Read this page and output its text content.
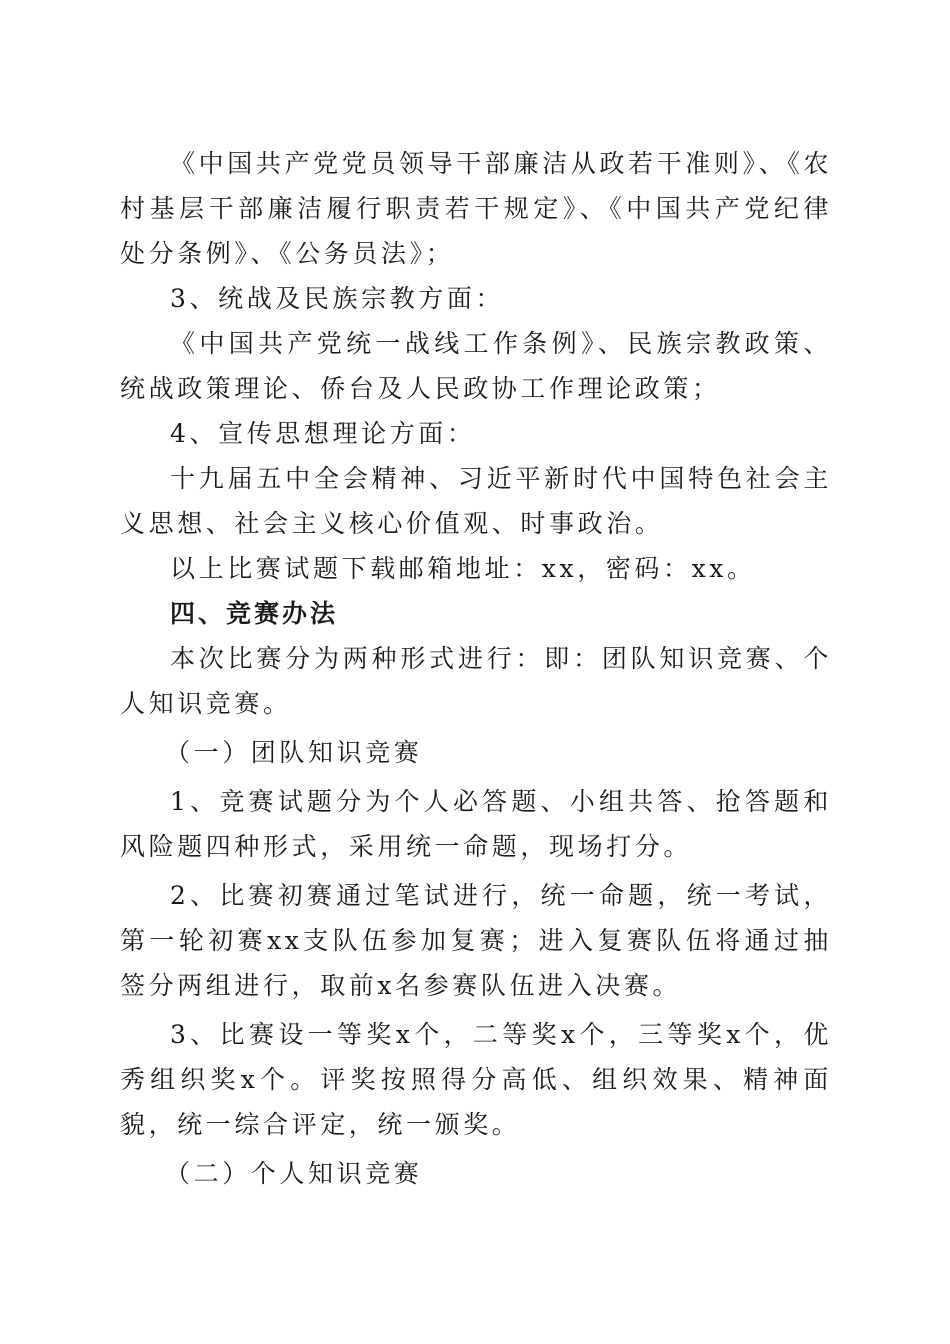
《中国共产党党员领导干部廉洁从政若干准则》、《农村基层干部廉洁履行职责若干规定》、《中国共产党纪律处分条例》、《公务员法》；

3、统战及民族宗教方面：

《中国共产党统一战线工作条例》、民族宗教政策、统战政策理论、侨台及人民政协工作理论政策；

4、宣传思想理论方面：

十九届五中全会精神、习近平新时代中国特色社会主义思想、社会主义核心价值观、时事政治。

以上比赛试题下载邮箱地址：xx，密码：xx。

四、竞赛办法

本次比赛分为两种形式进行：即：团队知识竞赛、个人知识竞赛。

（一）团队知识竞赛

1、竞赛试题分为个人必答题、小组共答、抢答题和风险题四种形式，采用统一命题，现场打分。

2、比赛初赛通过笔试进行，统一命题，统一考试，第一轮初赛xx支队伍参加复赛；进入复赛队伍将通过抽签分两组进行，取前x名参赛队伍进入决赛。

3、比赛设一等奖x个，二等奖x个，三等奖x个，优秀组织奖x个。评奖按照得分高低、组织效果、精神面貌，统一综合评定，统一颁奖。

（二）个人知识竞赛
